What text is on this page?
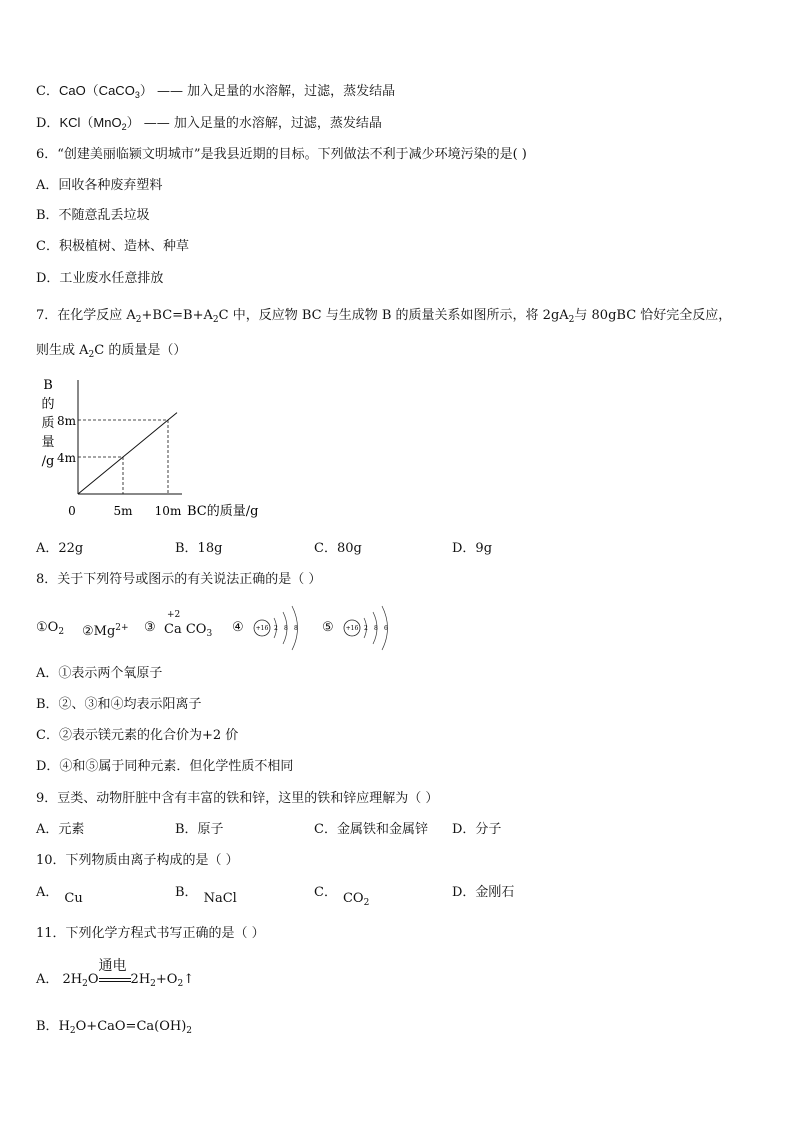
C．CaO（CaCO$_3$） —— 加入足量的水溶解，过滤，蒸发结晶
D．KCl（MnO$_2$） —— 加入足量的水溶解，过滤，蒸发结晶
6．“创建美丽临颍文明城市”是我县近期的目标。下列做法不利于减少环境污染的是( )
A．回收各种废弃塑料
B．不随意乱丢垃圾
C．积极植树、造林、种草
D．工业废水任意排放
7．在化学反应 $A_2+BC=B+A_2C$ 中，反应物 BC 与生成物 B 的质量关系如图所示，将 $2gA_2$与 80gBC 恰好完全反应，
则生成 $A_2C$ 的质量是（）
B
的
质
量
/g 4m
8m
5m 10m
0	BC的质量/g
A．22g	B．18g	C．80g	D．9g
8．关于下列符号或图示的有关说法正确的是（ ）
$①O_2$ $②Mg^{2+}$ ③
+2
Ca $CO_3$ ④ +16 2 8 8 ⑤ +16 2 8 6
A．①表示两个氧原子
B．②、③和④均表示阳离子
C．②表示镁元素的化合价为+2 价
D．④和⑤属于同种元素．但化学性质不相同
9．豆类、动物肝脏中含有丰富的铁和锌，这里的铁和锌应理解为（ ）
A．元素	B．原子	C．金属铁和金属锌 D．分子
10．下列物质由离子构成的是（ ）
A． Cu	B． NaCl	C． $CO_2$
D．金刚石
11．下列化学方程式书写正确的是（ ）
A． $2H_2O$
通电
$2H_2+O_2↑$
B．$H_2O+CaO=Ca(OH)_2$
